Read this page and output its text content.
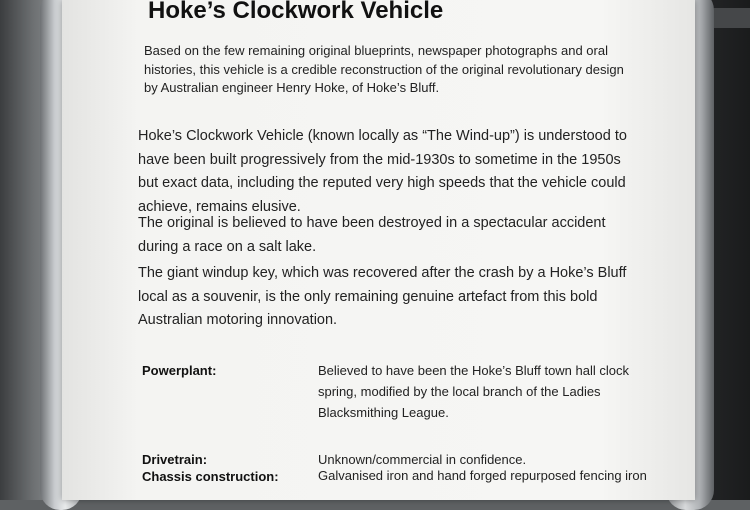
Hoke’s Clockwork Vehicle
Based on the few remaining original blueprints, newspaper photographs and oral histories, this vehicle is a credible reconstruction of the original revolutionary design by Australian engineer Henry Hoke, of Hoke’s Bluff.
Hoke’s Clockwork Vehicle (known locally as “The Wind-up”) is understood to have been built progressively from the mid-1930s to sometime in the 1950s but exact data, including the reputed very high speeds that the vehicle could achieve, remains elusive.
The original is believed to have been destroyed in a spectacular accident during a race on a salt lake.
The giant windup key, which was recovered after the crash by a Hoke’s Bluff local as a souvenir, is the only remaining genuine artefact from this bold Australian motoring innovation.
Powerplant:	Believed to have been the Hoke’s Bluff town hall clock spring, modified by the local branch of the Ladies Blacksmithing League.
Drivetrain:	Unknown/commercial in confidence.
Chassis construction:	Galvanised iron and hand forged repurposed fencing iron
